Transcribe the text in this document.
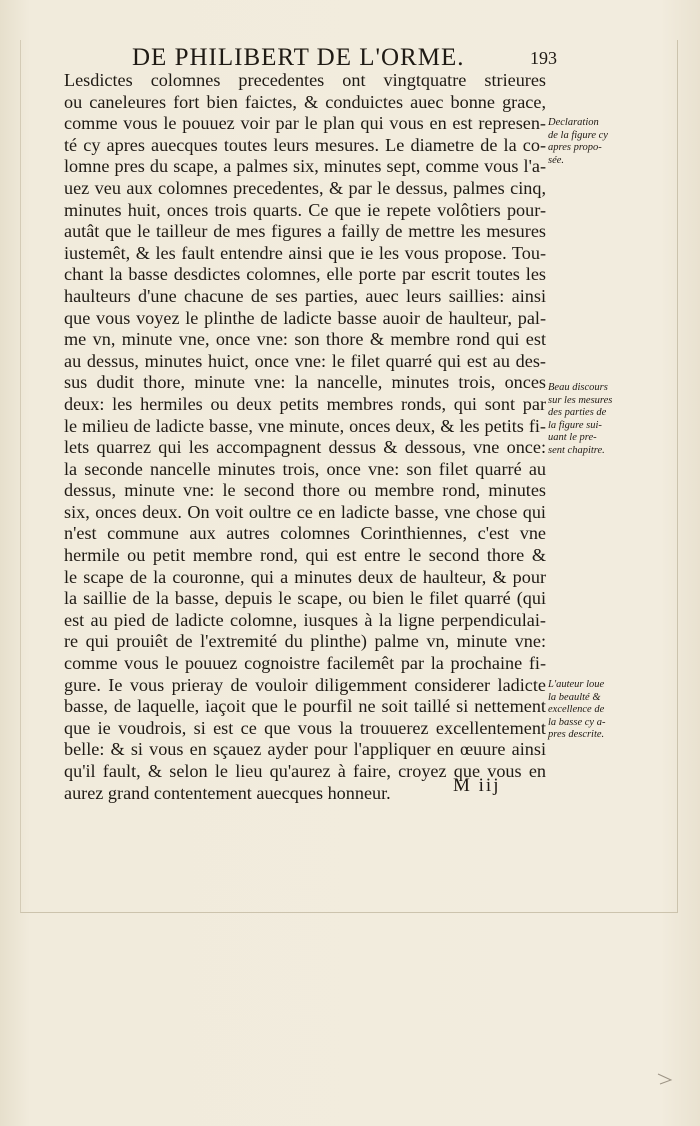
DE PHILIBERT DE L'ORME.	193
Lesdictes colomnes precedentes ont vingtquatre strieures
ou caneleures fort bien faictes, & conduictes auec bonne grace,
comme vous le pouuez voir par le plan qui vous en est represen-
té cy apres auecques toutes leurs mesures. Le diametre de la co-
lomne pres du scape, a palmes six, minutes sept, comme vous l'a-
uez veu aux colomnes precedentes, & par le dessus, palmes cinq,
minutes huit, onces trois quarts. Ce que ie repete volôtiers pour-
autât que le tailleur de mes figures a failly de mettre les mesures
iustemêt, & les fault entendre ainsi que ie les vous propose. Tou-
chant la basse desdictes colomnes, elle porte par escrit toutes les
haulteurs d'une chacune de ses parties, auec leurs saillies: ainsi
que vous voyez le plinthe de ladicte basse auoir de haulteur, pal-
me vn, minute vne, once vne: son thore & membre rond qui est
au dessus, minutes huict, once vne: le filet quarré qui est au des-
sus dudit thore, minute vne: la nancelle, minutes trois, onces
deux: les hermiles ou deux petits membres ronds, qui sont par
le milieu de ladicte basse, vne minute, onces deux, & les petits fi-
lets quarrez qui les accompagnent dessus & dessous, vne once:
la seconde nancelle minutes trois, once vne: son filet quarré au
dessus, minute vne: le second thore ou membre rond, minutes
six, onces deux. On voit oultre ce en ladicte basse, vne chose qui
n'est commune aux autres colomnes Corinthiennes, c'est vne
hermile ou petit membre rond, qui est entre le second thore &
le scape de la couronne, qui a minutes deux de haulteur, & pour
la saillie de la basse, depuis le scape, ou bien le filet quarré (qui
est au pied de ladicte colomne, iusques à la ligne perpendiculai-
re qui prouiêt de l'extremité du plinthe) palme vn, minute vne:
comme vous le pouuez cognoistre facilemêt par la prochaine fi-
gure. Ie vous prieray de vouloir diligemment considerer ladicte
basse, de laquelle, iaçoit que le pourfil ne soit taillé si nettement
que ie voudrois, si est ce que vous la trouuerez excellentement
belle: & si vous en sçauez ayder pour l'appliquer en œuure ainsi
qu'il fault, & selon le lieu qu'aurez à faire, croyez que vous en
aurez grand contentement auecques honneur.
Declaration
de la figure cy
apres propo-
sée.
Beau discours
sur les mesures
des parties de
la figure sui-
uant le pre-
sent chapitre.
L'auteur loue
la beaulté &
excellence de
la basse cy a-
pres descrite.
M iij
